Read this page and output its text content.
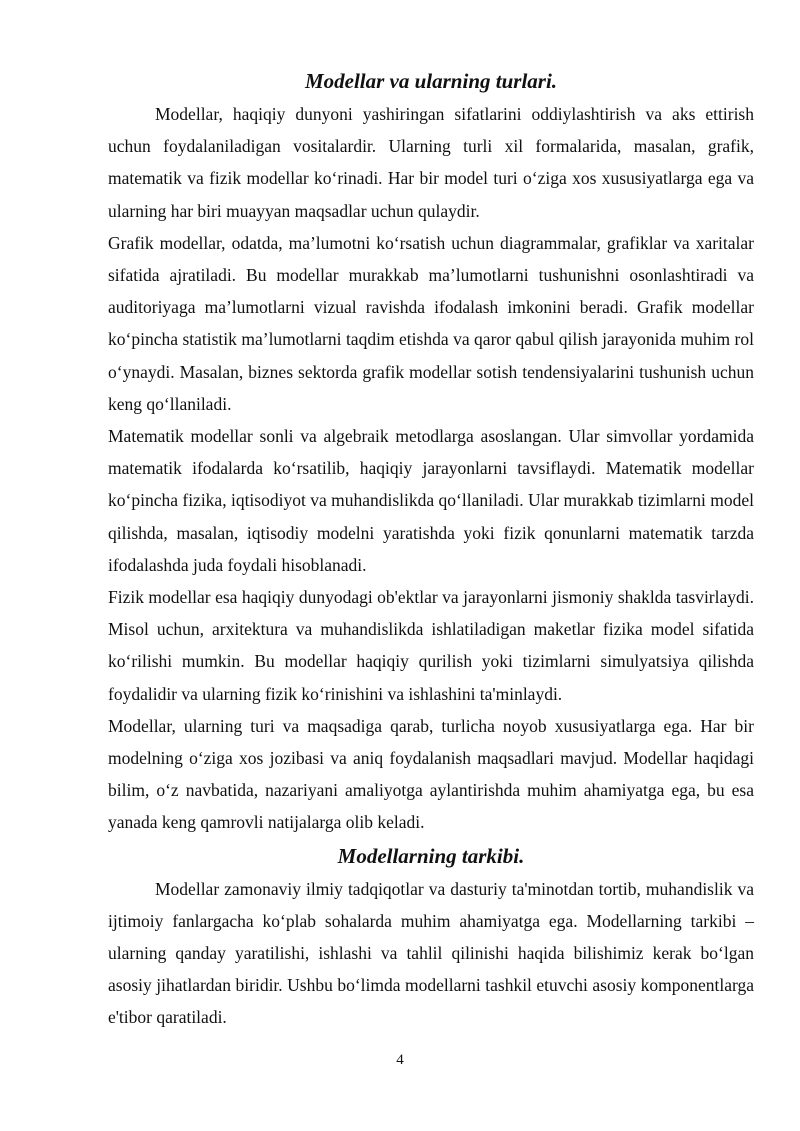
Modellar va ularning turlari.

Modellar, haqiqiy dunyoni yashiringan sifatlarini oddiylashtirish va aks ettirish uchun foydalaniladigan vositalardir. Ularning turli xil formalarida, masalan, grafik, matematik va fizik modellar ko‘rinadi. Har bir model turi o‘ziga xos xususiyatlarga ega va ularning har biri muayyan maqsadlar uchun qulaydir.

Grafik modellar, odatda, ma’lumotni ko‘rsatish uchun diagrammalar, grafiklar va xaritalar sifatida ajratiladi. Bu modellar murakkab ma’lumotlarni tushunishni osonlashtiradi va auditoriyaga ma’lumotlarni vizual ravishda ifodalash imkonini beradi. Grafik modellar ko‘pincha statistik ma’lumotlarni taqdim etishda va qaror qabul qilish jarayonida muhim rol o‘ynaydi. Masalan, biznes sektorda grafik modellar sotish tendensiyalarini tushunish uchun keng qo‘llaniladi.

Matematik modellar sonli va algebraik metodlarga asoslangan. Ular simvollar yordamida matematik ifodalarda ko‘rsatilib, haqiqiy jarayonlarni tavsiflaydi. Matematik modellar ko‘pincha fizika, iqtisodiyot va muhandislikda qo‘llaniladi. Ular murakkab tizimlarni model qilishda, masalan, iqtisodiy modelni yaratishda yoki fizik qonunlarni matematik tarzda ifodalashda juda foydali hisoblanadi.

Fizik modellar esa haqiqiy dunyodagi ob'ektlar va jarayonlarni jismoniy shaklda tasvirlaydi. Misol uchun, arxitektura va muhandislikda ishlatiladigan maketlar fizika model sifatida ko‘rilishi mumkin. Bu modellar haqiqiy qurilish yoki tizimlarni simulyatsiya qilishda foydalidir va ularning fizik ko‘rinishini va ishlashini ta'minlaydi.

Modellar, ularning turi va maqsadiga qarab, turlicha noyob xususiyatlarga ega. Har bir modelning o‘ziga xos jozibasi va aniq foydalanish maqsadlari mavjud. Modellar haqidagi bilim, o‘z navbatida, nazariyani amaliyotga aylantirishda muhim ahamiyatga ega, bu esa yanada keng qamrovli natijalarga olib keladi.

Modellarning tarkibi.

Modellar zamonaviy ilmiy tadqiqotlar va dasturiy ta'minotdan tortib, muhandislik va ijtimoiy fanlargacha ko‘plab sohalarda muhim ahamiyatga ega. Modellarning tarkibi – ularning qanday yaratilishi, ishlashi va tahlil qilinishi haqida bilishimiz kerak bo‘lgan asosiy jihatlardan biridir. Ushbu bo‘limda modellarni tashkil etuvchi asosiy komponentlarga e'tibor qaratiladi.

4
